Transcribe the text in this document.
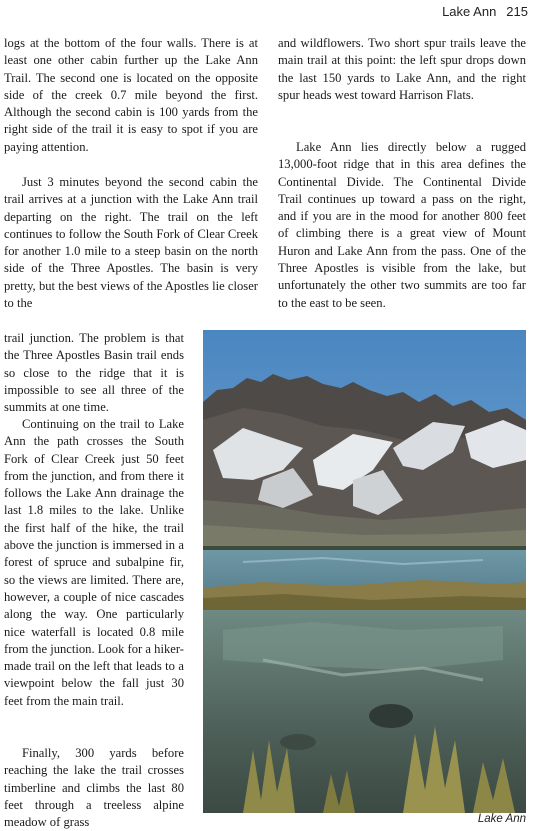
Lake Ann 215

logs at the bottom of the four walls. There is at least one other cabin further up the Lake Ann Trail. The second one is located on the opposite side of the creek 0.7 mile beyond the first. Although the second cabin is 100 yards from the right side of the trail it is easy to spot if you are paying attention.

Just 3 minutes beyond the second cabin the trail arrives at a junction with the Lake Ann trail departing on the right. The trail on the left continues to follow the South Fork of Clear Creek for another 1.0 mile to a steep basin on the north side of the Three Apostles. The basin is very pretty, but the best views of the Apostles lie closer to the

trail junction. The problem is that the Three Apostles Basin trail ends so close to the ridge that it is impossible to see all three of the summits at one time.

Continuing on the trail to Lake Ann the path crosses the South Fork of Clear Creek just 50 feet from the junction, and from there it follows the Lake Ann drainage the last 1.8 miles to the lake. Unlike the first half of the hike, the trail above the junction is immersed in a forest of spruce and subalpine fir, so the views are limited. There are, however, a couple of nice cascades along the way. One particularly nice waterfall is located 0.8 mile from the junction. Look for a hiker-made trail on the left that leads to a viewpoint below the fall just 30 feet from the main trail.

Finally, 300 yards before reaching the lake the trail crosses timberline and climbs the last 80 feet through a treeless alpine meadow of grass

and wildflowers. Two short spur trails leave the main trail at this point: the left spur drops down the last 150 yards to Lake Ann, and the right spur heads west toward Harrison Flats.

Lake Ann lies directly below a rugged 13,000-foot ridge that in this area defines the Continental Divide. The Continental Divide Trail continues up toward a pass on the right, and if you are in the mood for another 800 feet of climbing there is a great view of Mount Huron and Lake Ann from the pass. One of the Three Apostles is visible from the lake, but unfortunately the other two summits are too far to the east to be seen.

Lake Ann
